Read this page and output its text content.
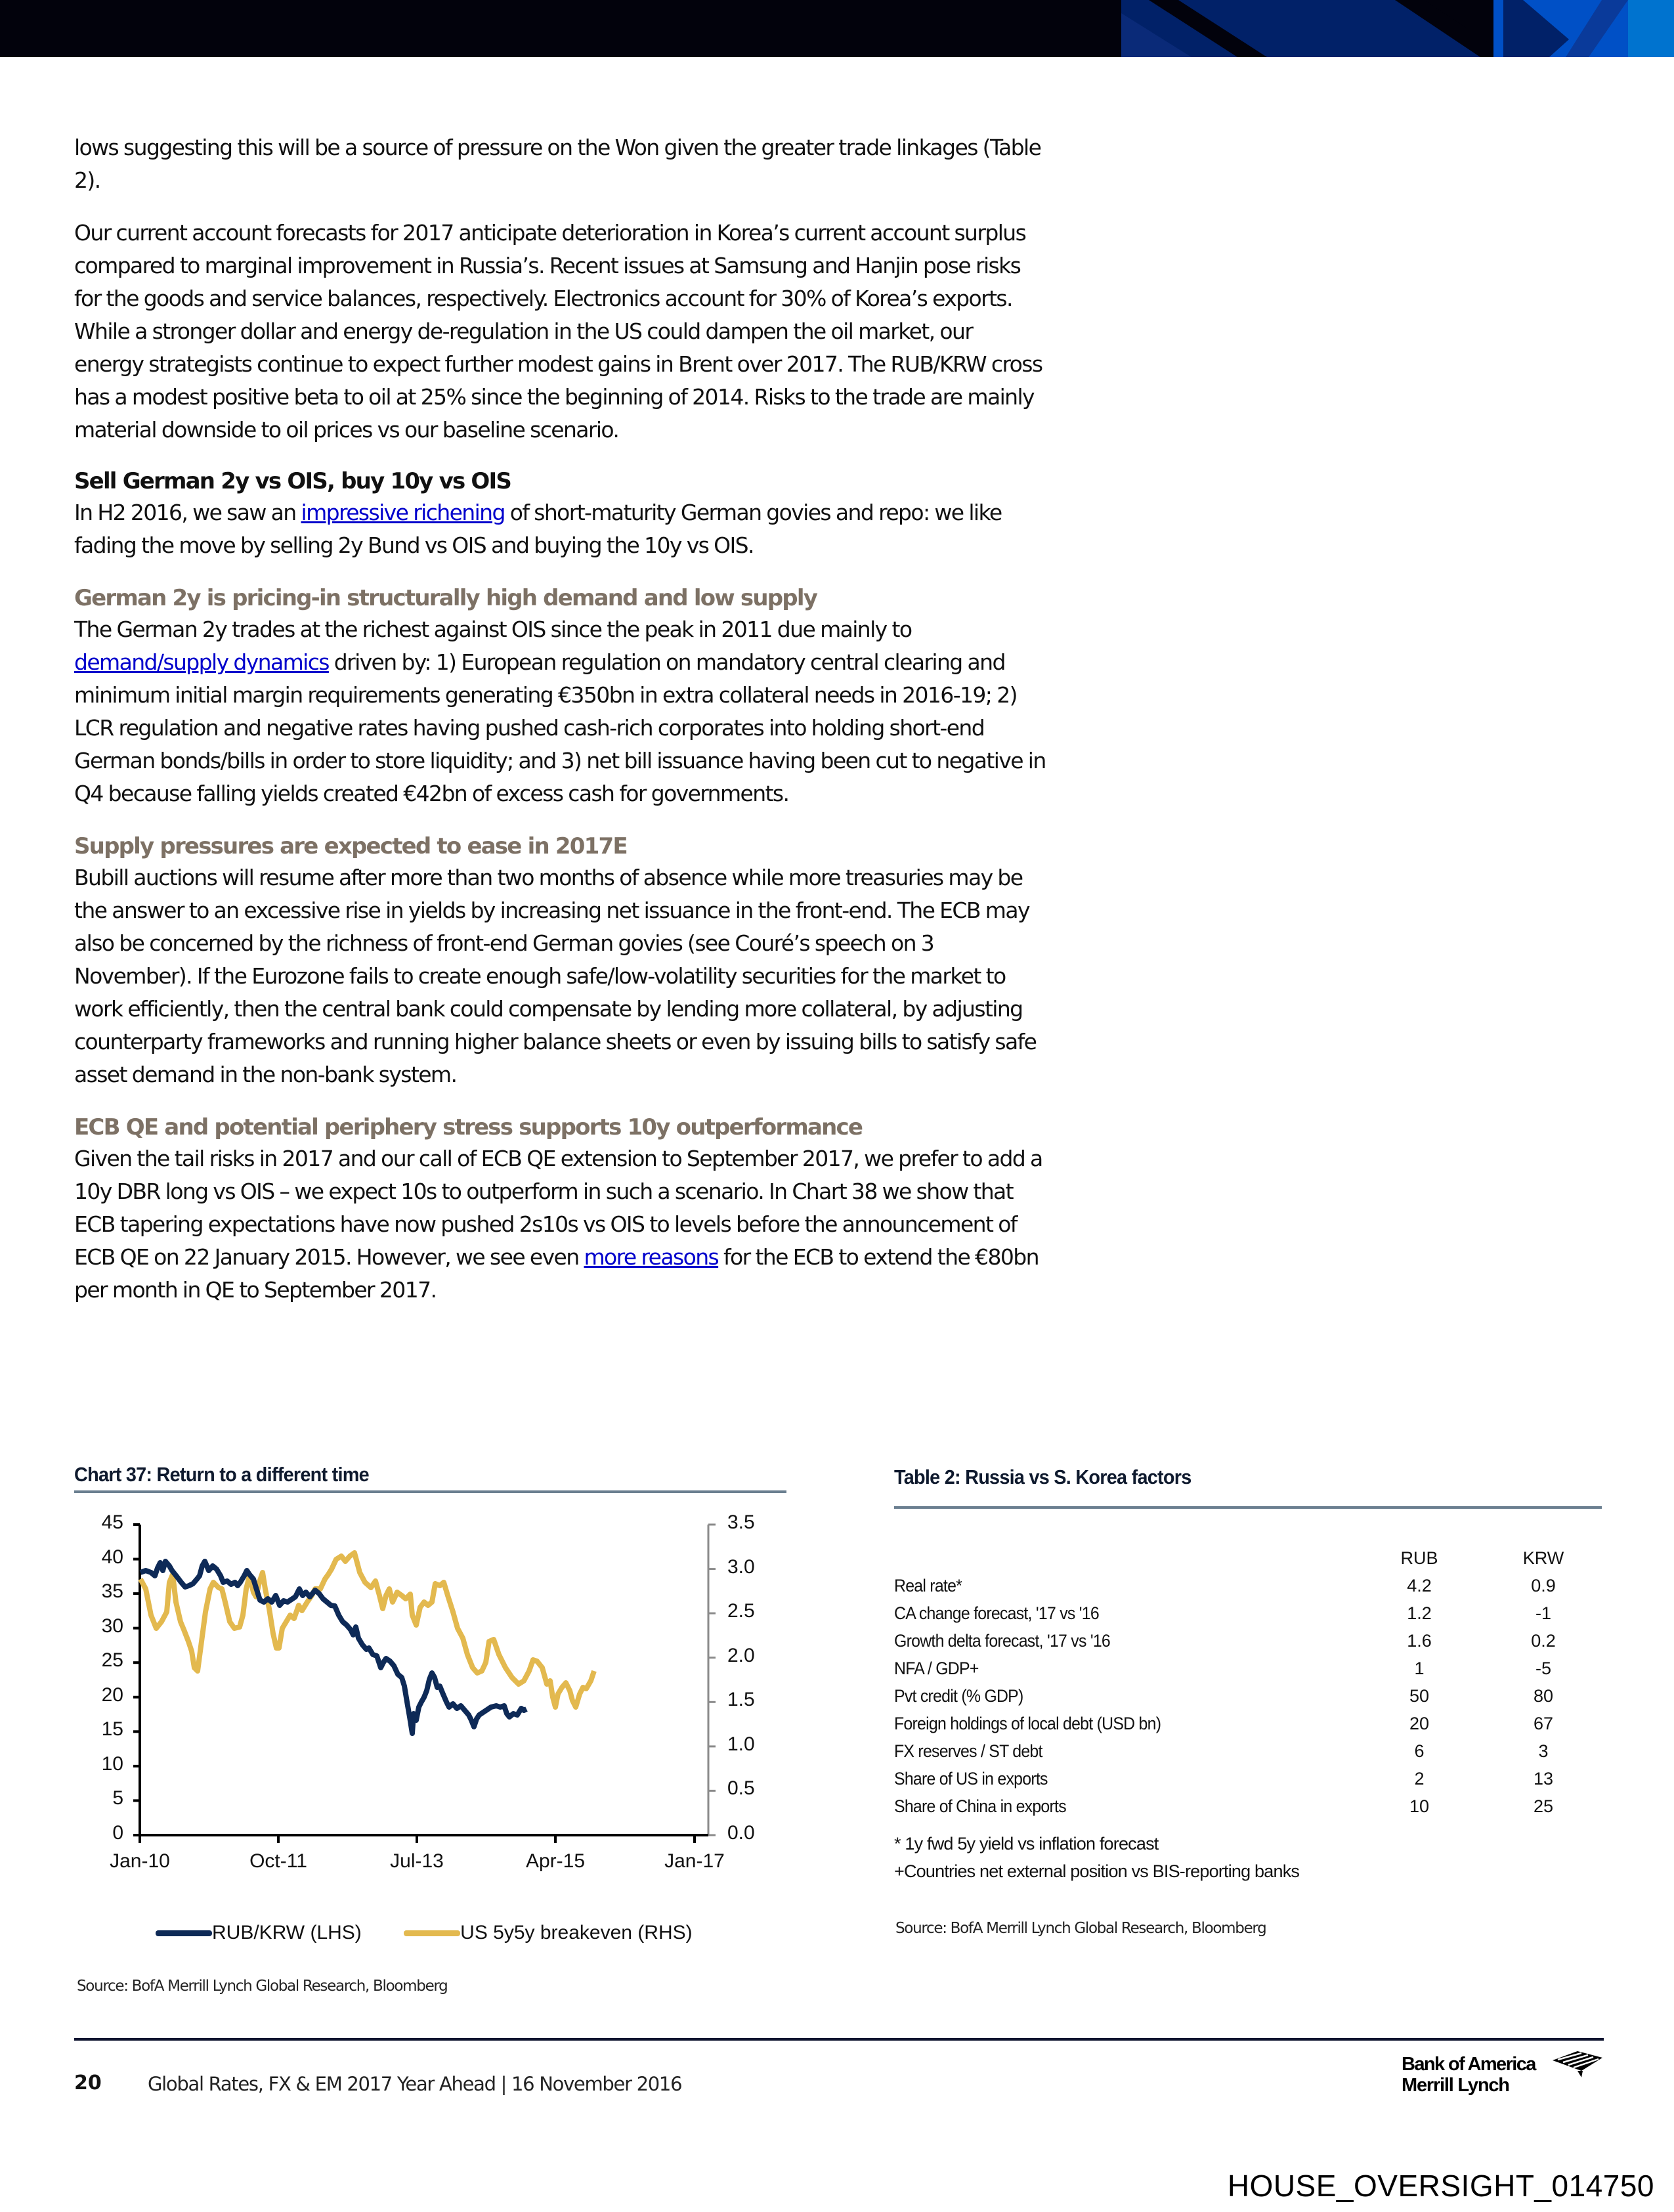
lows suggesting this will be a source of pressure on the Won given the greater trade linkages (Table 2).

Our current account forecasts for 2017 anticipate deterioration in Korea’s current account surplus compared to marginal improvement in Russia’s. Recent issues at Samsung and Hanjin pose risks for the goods and service balances, respectively. Electronics account for 30% of Korea’s exports. While a stronger dollar and energy de-regulation in the US could dampen the oil market, our energy strategists continue to expect further modest gains in Brent over 2017. The RUB/KRW cross has a modest positive beta to oil at 25% since the beginning of 2014. Risks to the trade are mainly material downside to oil prices vs our baseline scenario.

Sell German 2y vs OIS, buy 10y vs OIS

In H2 2016, we saw an impressive richening of short-maturity German govies and repo: we like fading the move by selling 2y Bund vs OIS and buying the 10y vs OIS.

German 2y is pricing-in structurally high demand and low supply

The German 2y trades at the richest against OIS since the peak in 2011 due mainly to demand/supply dynamics driven by: 1) European regulation on mandatory central clearing and minimum initial margin requirements generating €350bn in extra collateral needs in 2016-19; 2) LCR regulation and negative rates having pushed cash-rich corporates into holding short-end German bonds/bills in order to store liquidity; and 3) net bill issuance having been cut to negative in Q4 because falling yields created €42bn of excess cash for governments.

Supply pressures are expected to ease in 2017E

Bubill auctions will resume after more than two months of absence while more treasuries may be the answer to an excessive rise in yields by increasing net issuance in the front-end. The ECB may also be concerned by the richness of front-end German govies (see Couré’s speech on 3 November). If the Eurozone fails to create enough safe/low-volatility securities for the market to work efficiently, then the central bank could compensate by lending more collateral, by adjusting counterparty frameworks and running higher balance sheets or even by issuing bills to satisfy safe asset demand in the non-bank system.

ECB QE and potential periphery stress supports 10y outperformance

Given the tail risks in 2017 and our call of ECB QE extension to September 2017, we prefer to add a 10y DBR long vs OIS – we expect 10s to outperform in such a scenario. In Chart 38 we show that ECB tapering expectations have now pushed 2s10s vs OIS to levels before the announcement of ECB QE on 22 January 2015. However, we see even more reasons for the ECB to extend the €80bn per month in QE to September 2017.

Chart 37: Return to a different time
45
40
35
30
25
20
15
10
5
0
3.5
3.0
2.5
2.0
1.5
1.0
0.5
0.0
Jan-10	Oct-11	Jul-13	Apr-15	Jan-17
RUB/KRW (LHS)	US 5y5y breakeven (RHS)
Source: BofA Merrill Lynch Global Research, Bloomberg
Table 2: Russia vs S. Korea factors
RUB	KRW
Real rate*	4.2	0.9
CA change forecast, '17 vs '16	1.2	-1
Growth delta forecast, '17 vs '16	1.6	0.2
NFA / GDP+	1	-5
Pvt credit (% GDP)	50	80
Foreign holdings of local debt (USD bn)	20	67
FX reserves / ST debt	6	3
Share of US in exports	2	13
Share of China in exports	10	25
* 1y fwd 5y yield vs inflation forecast
+Countries net external position vs BIS-reporting banks
Source: BofA Merrill Lynch Global Research, Bloomberg
20 Global Rates, FX & EM 2017 Year Ahead | 16 November 2016
Bank of America
Merrill Lynch
HOUSE_OVERSIGHT_014750
